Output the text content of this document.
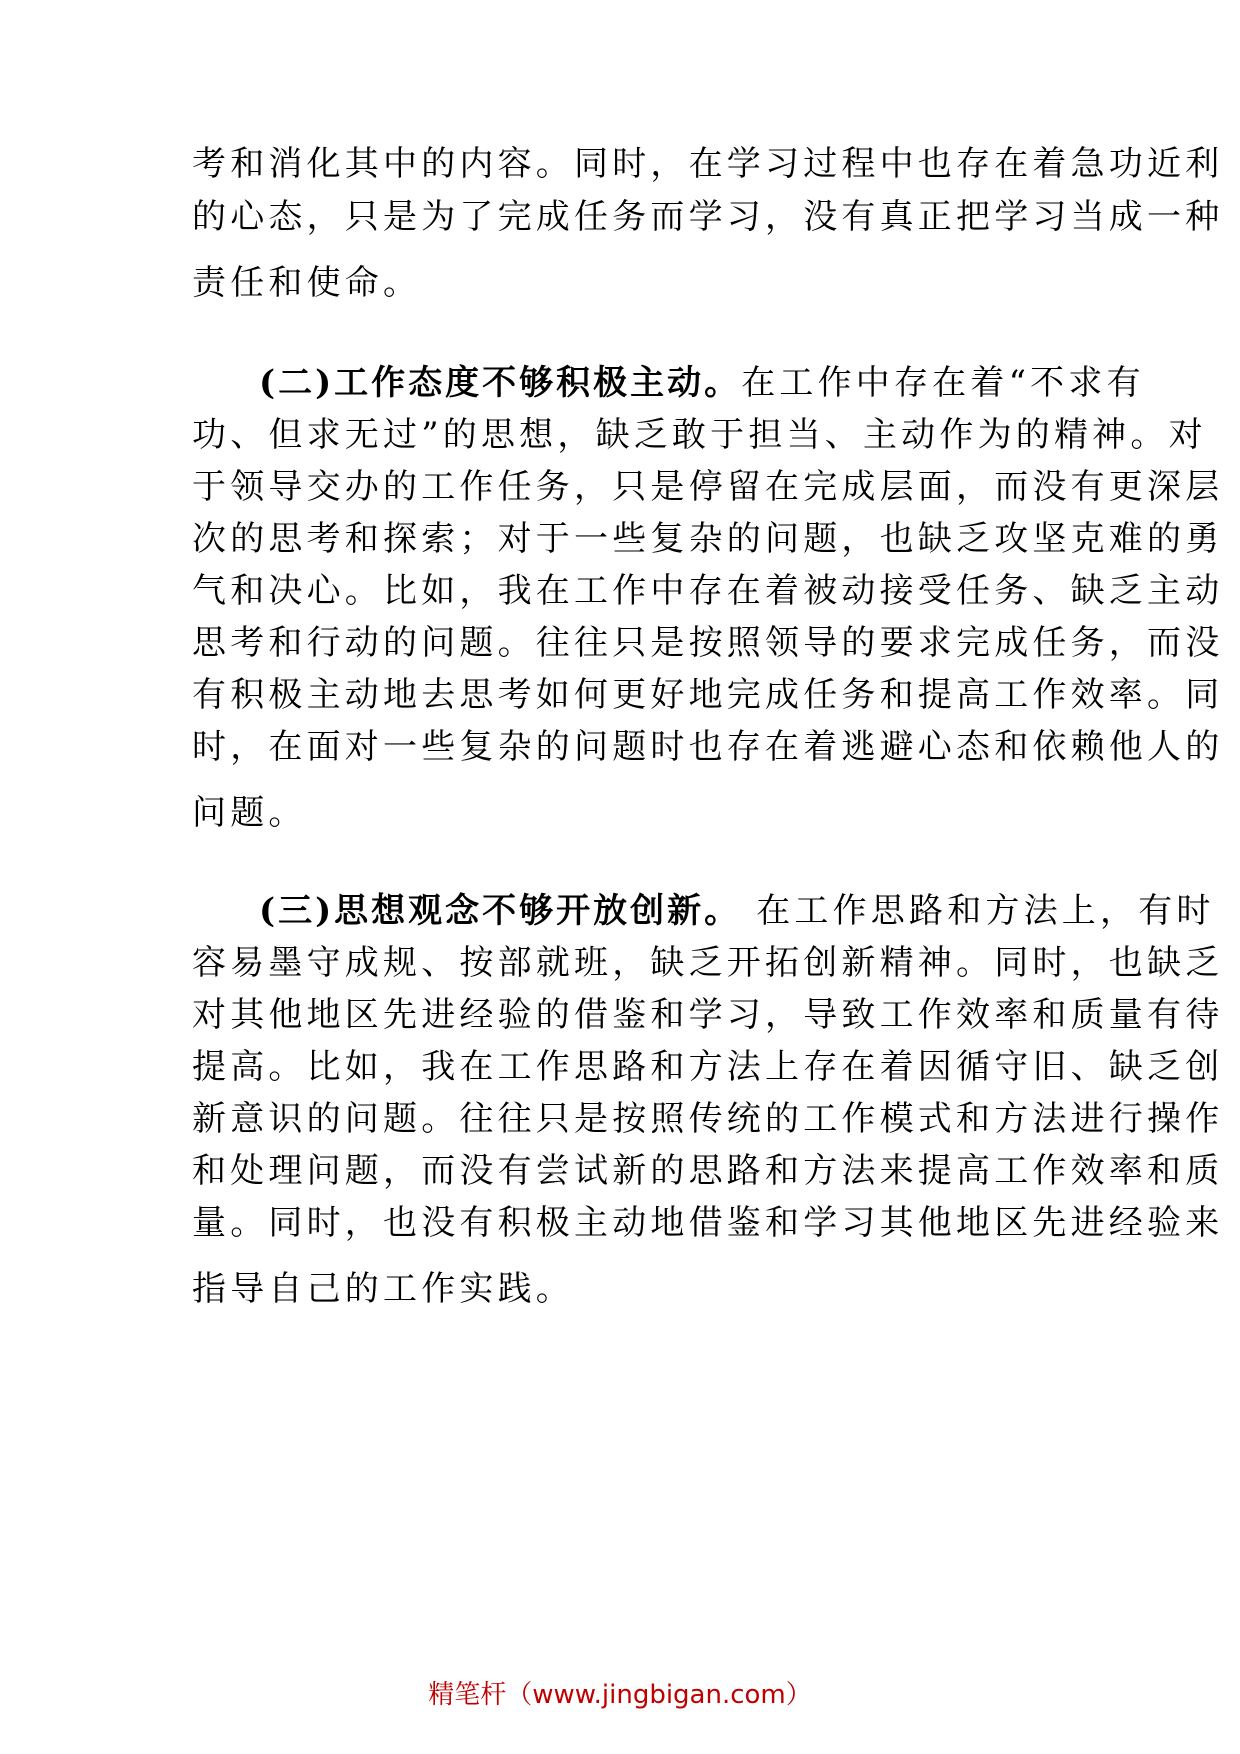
考和消化其中的内容。同时，在学习过程中也存在着急功近利
的心态，只是为了完成任务而学习，没有真正把学习当成一种
责任和使命。
(二)工作态度不够积极主动。在工作中存在着“不求有
功、但求无过”的思想，缺乏敢于担当、主动作为的精神。对
于领导交办的工作任务，只是停留在完成层面，而没有更深层
次的思考和探索；对于一些复杂的问题，也缺乏攻坚克难的勇
气和决心。比如，我在工作中存在着被动接受任务、缺乏主动
思考和行动的问题。往往只是按照领导的要求完成任务，而没
有积极主动地去思考如何更好地完成任务和提高工作效率。同
时，在面对一些复杂的问题时也存在着逃避心态和依赖他人的
问题。
(三)思想观念不够开放创新。 在工作思路和方法上，有时
容易墨守成规、按部就班，缺乏开拓创新精神。同时，也缺乏
对其他地区先进经验的借鉴和学习，导致工作效率和质量有待
提高。比如，我在工作思路和方法上存在着因循守旧、缺乏创
新意识的问题。往往只是按照传统的工作模式和方法进行操作
和处理问题，而没有尝试新的思路和方法来提高工作效率和质
量。同时，也没有积极主动地借鉴和学习其他地区先进经验来
指导自己的工作实践。
精笔杆（www.jingbigan.com）
